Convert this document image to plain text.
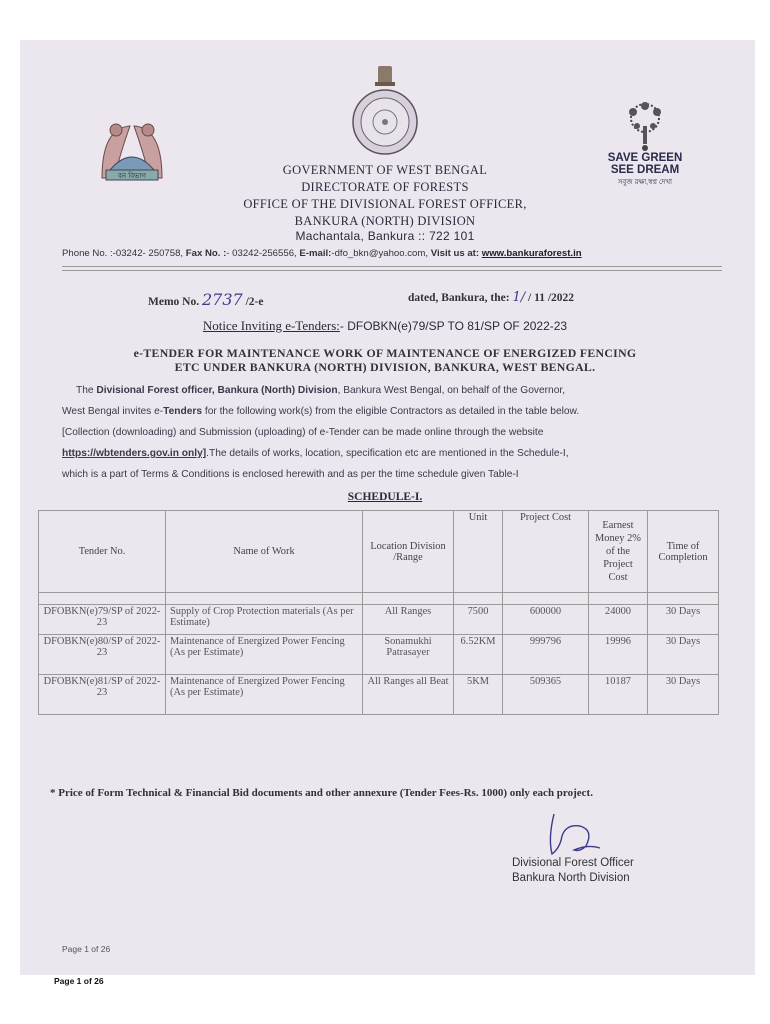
বন বিভাগ
SAVE GREEN
SEE DREAM
সবুজ রক্ষা,স্বপ্ন দেখা
GOVERNMENT OF WEST BENGAL
DIRECTORATE OF FORESTS
OFFICE OF THE DIVISIONAL FOREST OFFICER,
BANKURA (NORTH) DIVISION
Machantala, Bankura :: 722 101
Phone No. :-03242- 250758, Fax No. :- 03242-256556, E-mail:-dfo_bkn@yahoo.com, Visit us at: www.bankuraforest.in
Memo No. 2737 /2-e	dated, Bankura, the: 1/ / 11 /2022
Notice Inviting e-Tenders:- DFOBKN(e)79/SP TO 81/SP OF 2022-23
e-TENDER FOR MAINTENANCE WORK OF MAINTENANCE OF ENERGIZED FENCING
ETC UNDER BANKURA (NORTH) DIVISION, BANKURA, WEST BENGAL.
The Divisional Forest officer, Bankura (North) Division, Bankura West Bengal, on behalf of the Governor,
West Bengal invites e-Tenders for the following work(s) from the eligible Contractors as detailed in the table below.
[Collection (downloading) and Submission (uploading) of e-Tender can be made online through the website
https://wbtenders.gov.in only].The details of works, location, specification etc are mentioned in the Schedule-I,
which is a part of Terms & Conditions is enclosed herewith and as per the time schedule given Table-I
SCHEDULE-I.
Tender No.	Name of Work	Location Division /Range	Unit	Project Cost	Earnest Money 2% of the Project Cost	Time of Completion

DFOBKN(e)79/SP of 2022-23	Supply of Crop Protection materials (As per Estimate)	All Ranges	7500	600000	24000	30 Days
DFOBKN(e)80/SP of 2022-23	Maintenance of Energized Power Fencing (As per Estimate)	Sonamukhi Patrasayer	6.52KM	999796	19996	30 Days
DFOBKN(e)81/SP of 2022-23	Maintenance of Energized Power Fencing (As per Estimate)	All Ranges all Beat	5KM	509365	10187	30 Days
* Price of Form Technical & Financial Bid documents and other annexure (Tender Fees-Rs. 1000) only each project.
Divisional Forest Officer
Bankura North Division
Page 1 of 26
Page 1 of 26
